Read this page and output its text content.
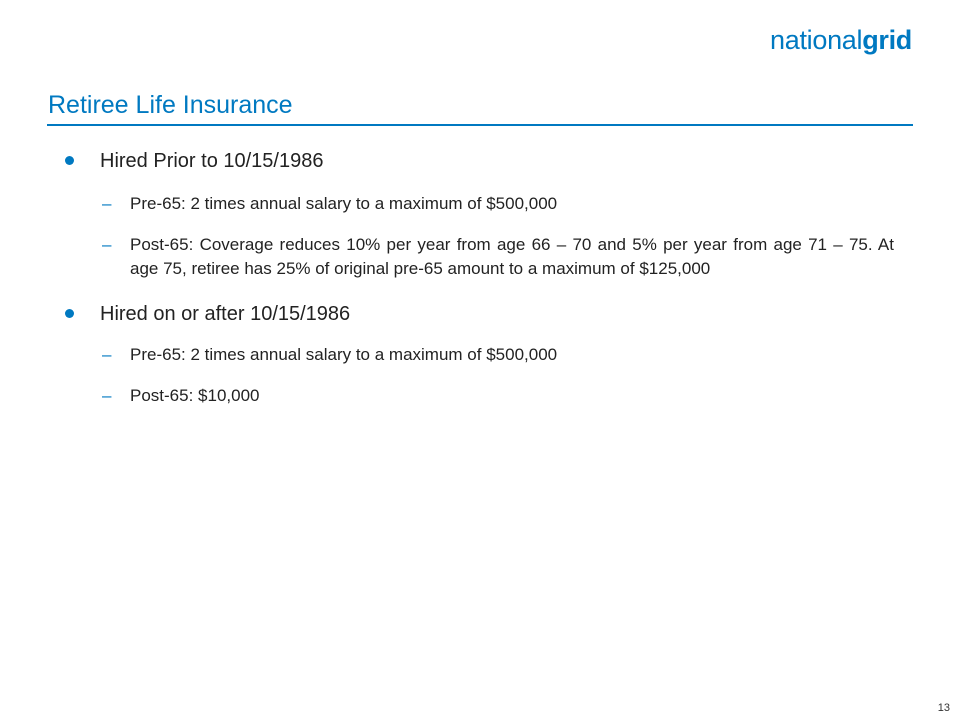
nationalgrid
Retiree Life Insurance
Hired Prior to 10/15/1986
– Pre-65: 2 times annual salary to a maximum of $500,000
– Post-65: Coverage reduces 10% per year from age 66 – 70 and 5% per year from age 71 – 75. At age 75, retiree has 25% of original pre-65 amount to a maximum of $125,000
Hired on or after 10/15/1986
– Pre-65: 2 times annual salary to a maximum of $500,000
– Post-65: $10,000
13
